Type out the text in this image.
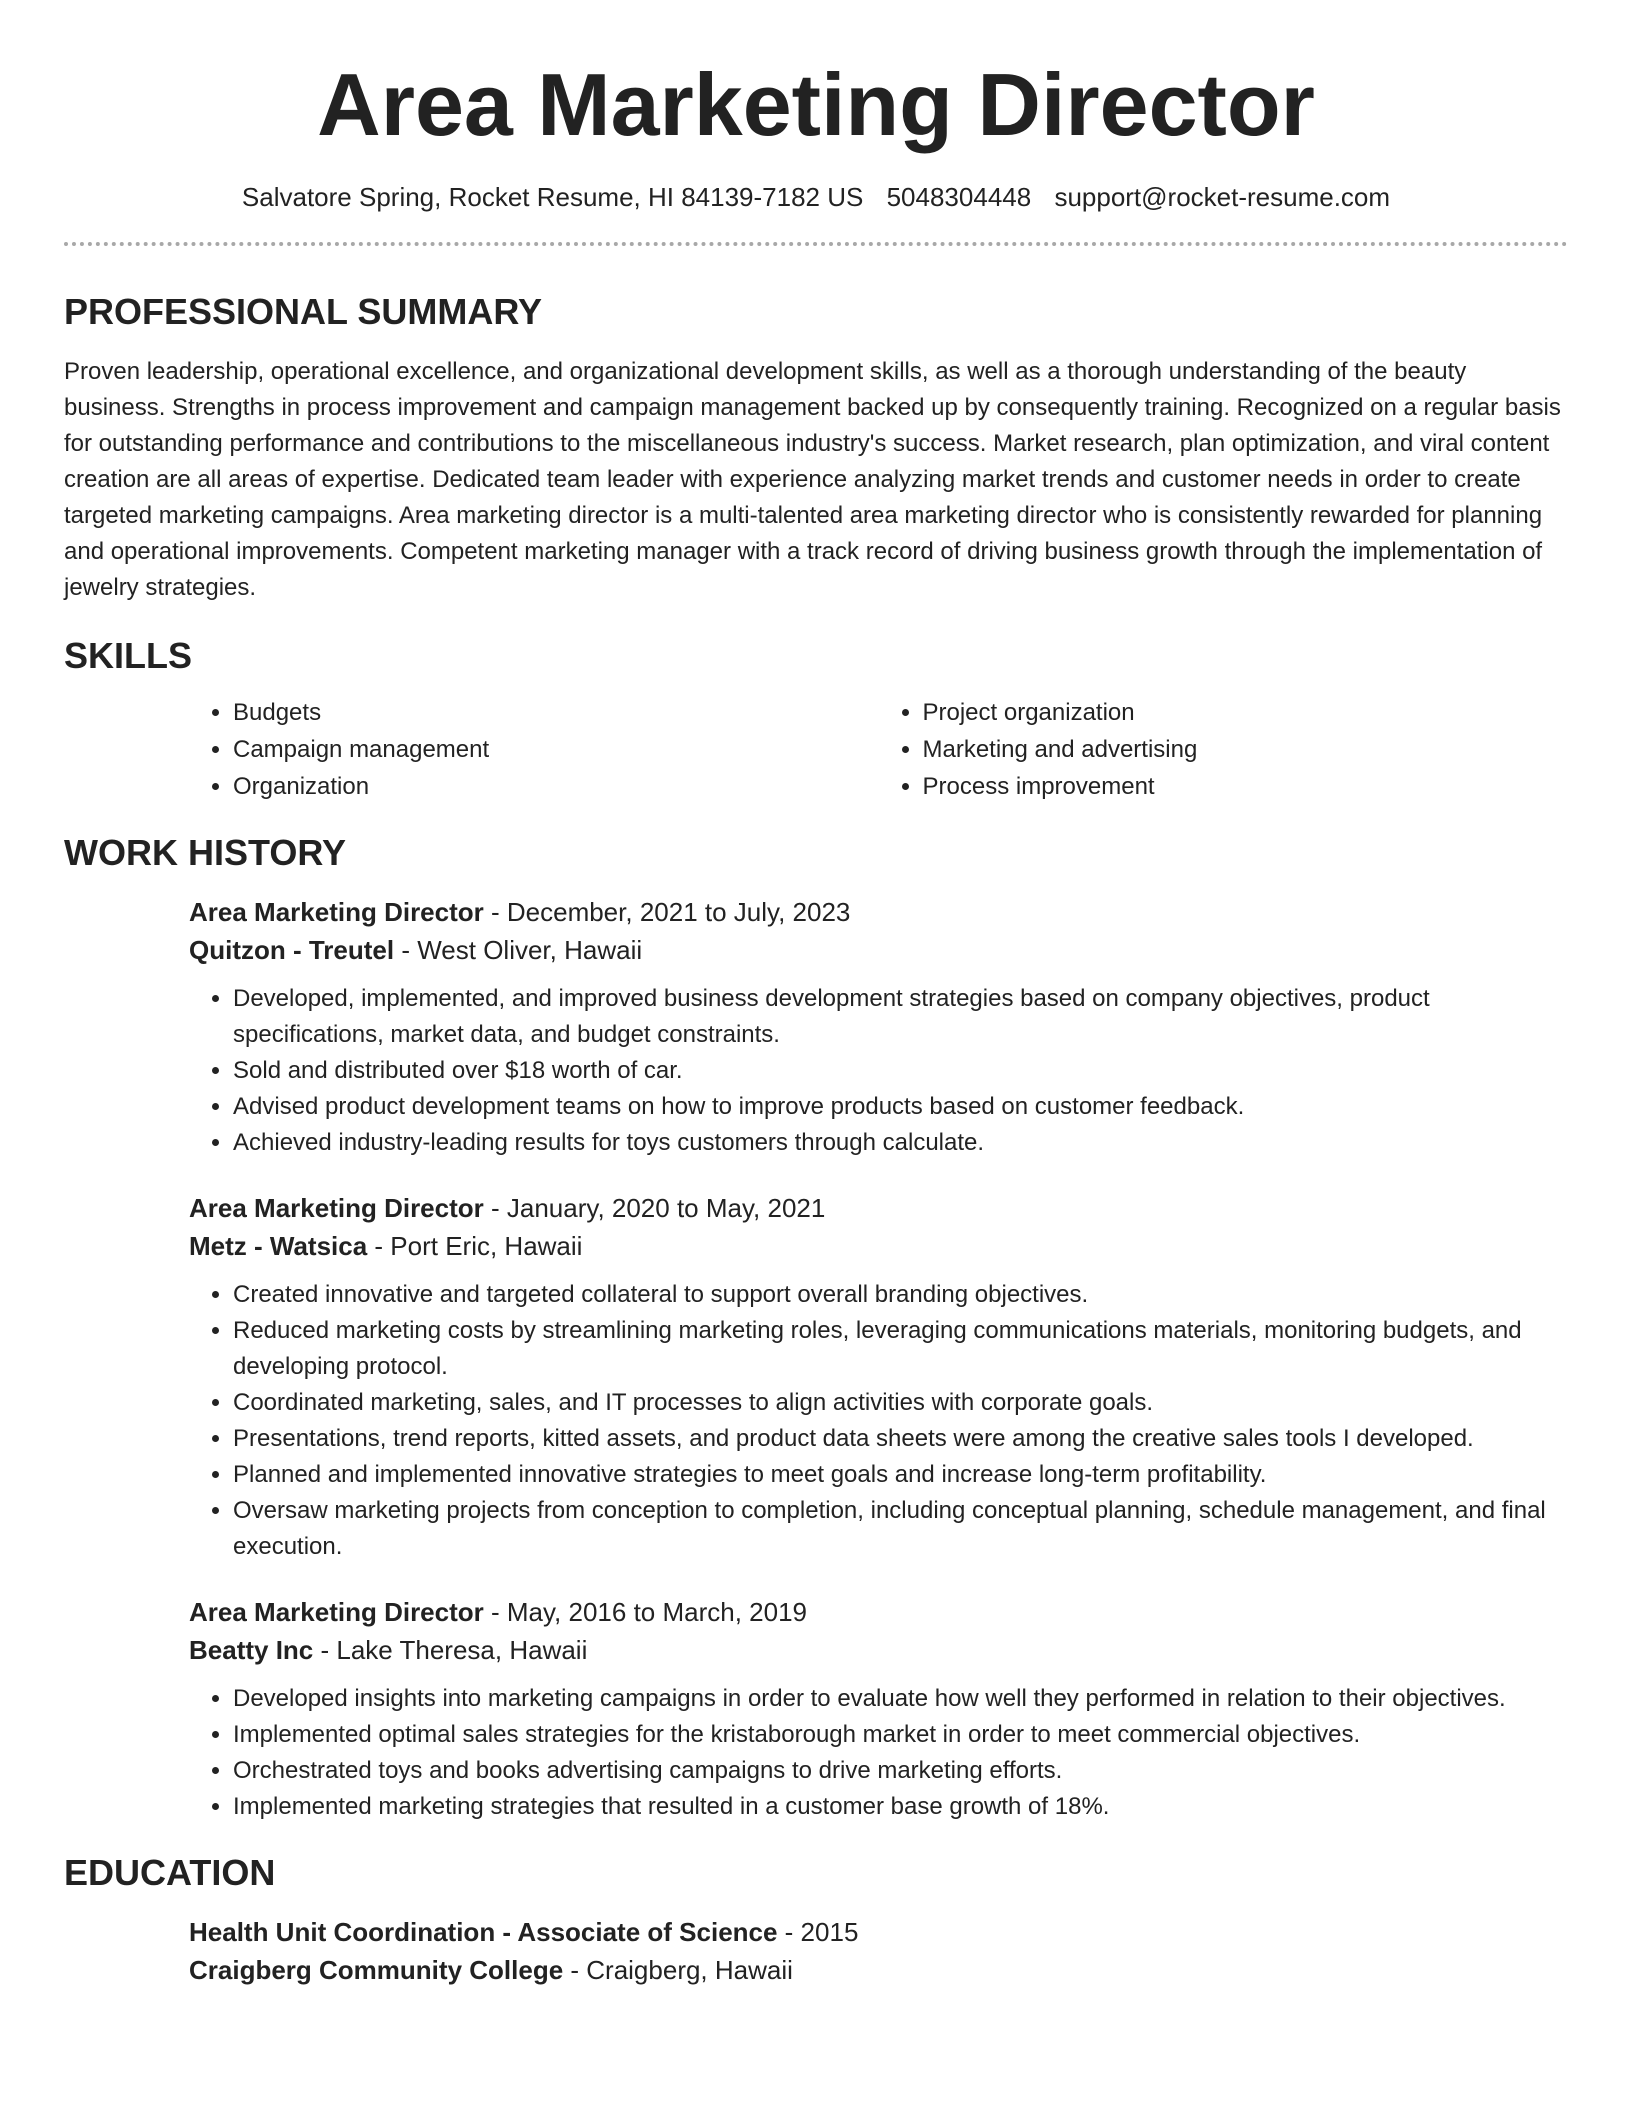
Area Marketing Director
Salvatore Spring, Rocket Resume, HI 84139-7182 US 5048304448 support@rocket-resume.com
PROFESSIONAL SUMMARY

Proven leadership, operational excellence, and organizational development skills, as well as a thorough understanding of the beauty business. Strengths in process improvement and campaign management backed up by consequently training. Recognized on a regular basis for outstanding performance and contributions to the miscellaneous industry's success. Market research, plan optimization, and viral content creation are all areas of expertise. Dedicated team leader with experience analyzing market trends and customer needs in order to create targeted marketing campaigns. Area marketing director is a multi-talented area marketing director who is consistently rewarded for planning and operational improvements. Competent marketing manager with a track record of driving business growth through the implementation of jewelry strategies.

SKILLS
• Budgets
• Campaign management
• Organization
• Project organization
• Marketing and advertising
• Process improvement
WORK HISTORY
Area Marketing Director - December, 2021 to July, 2023
Quitzon - Treutel - West Oliver, Hawaii
• Developed, implemented, and improved business development strategies based on company objectives, product specifications, market data, and budget constraints.
• Sold and distributed over $18 worth of car.
• Advised product development teams on how to improve products based on customer feedback.
• Achieved industry-leading results for toys customers through calculate.
Area Marketing Director - January, 2020 to May, 2021
Metz - Watsica - Port Eric, Hawaii
• Created innovative and targeted collateral to support overall branding objectives.
• Reduced marketing costs by streamlining marketing roles, leveraging communications materials, monitoring budgets, and developing protocol.
• Coordinated marketing, sales, and IT processes to align activities with corporate goals.
• Presentations, trend reports, kitted assets, and product data sheets were among the creative sales tools I developed.
• Planned and implemented innovative strategies to meet goals and increase long-term profitability.
• Oversaw marketing projects from conception to completion, including conceptual planning, schedule management, and final execution.
Area Marketing Director - May, 2016 to March, 2019
Beatty Inc - Lake Theresa, Hawaii
• Developed insights into marketing campaigns in order to evaluate how well they performed in relation to their objectives.
• Implemented optimal sales strategies for the kristaborough market in order to meet commercial objectives.
• Orchestrated toys and books advertising campaigns to drive marketing efforts.
• Implemented marketing strategies that resulted in a customer base growth of 18%.
EDUCATION
Health Unit Coordination - Associate of Science - 2015
Craigberg Community College - Craigberg, Hawaii
